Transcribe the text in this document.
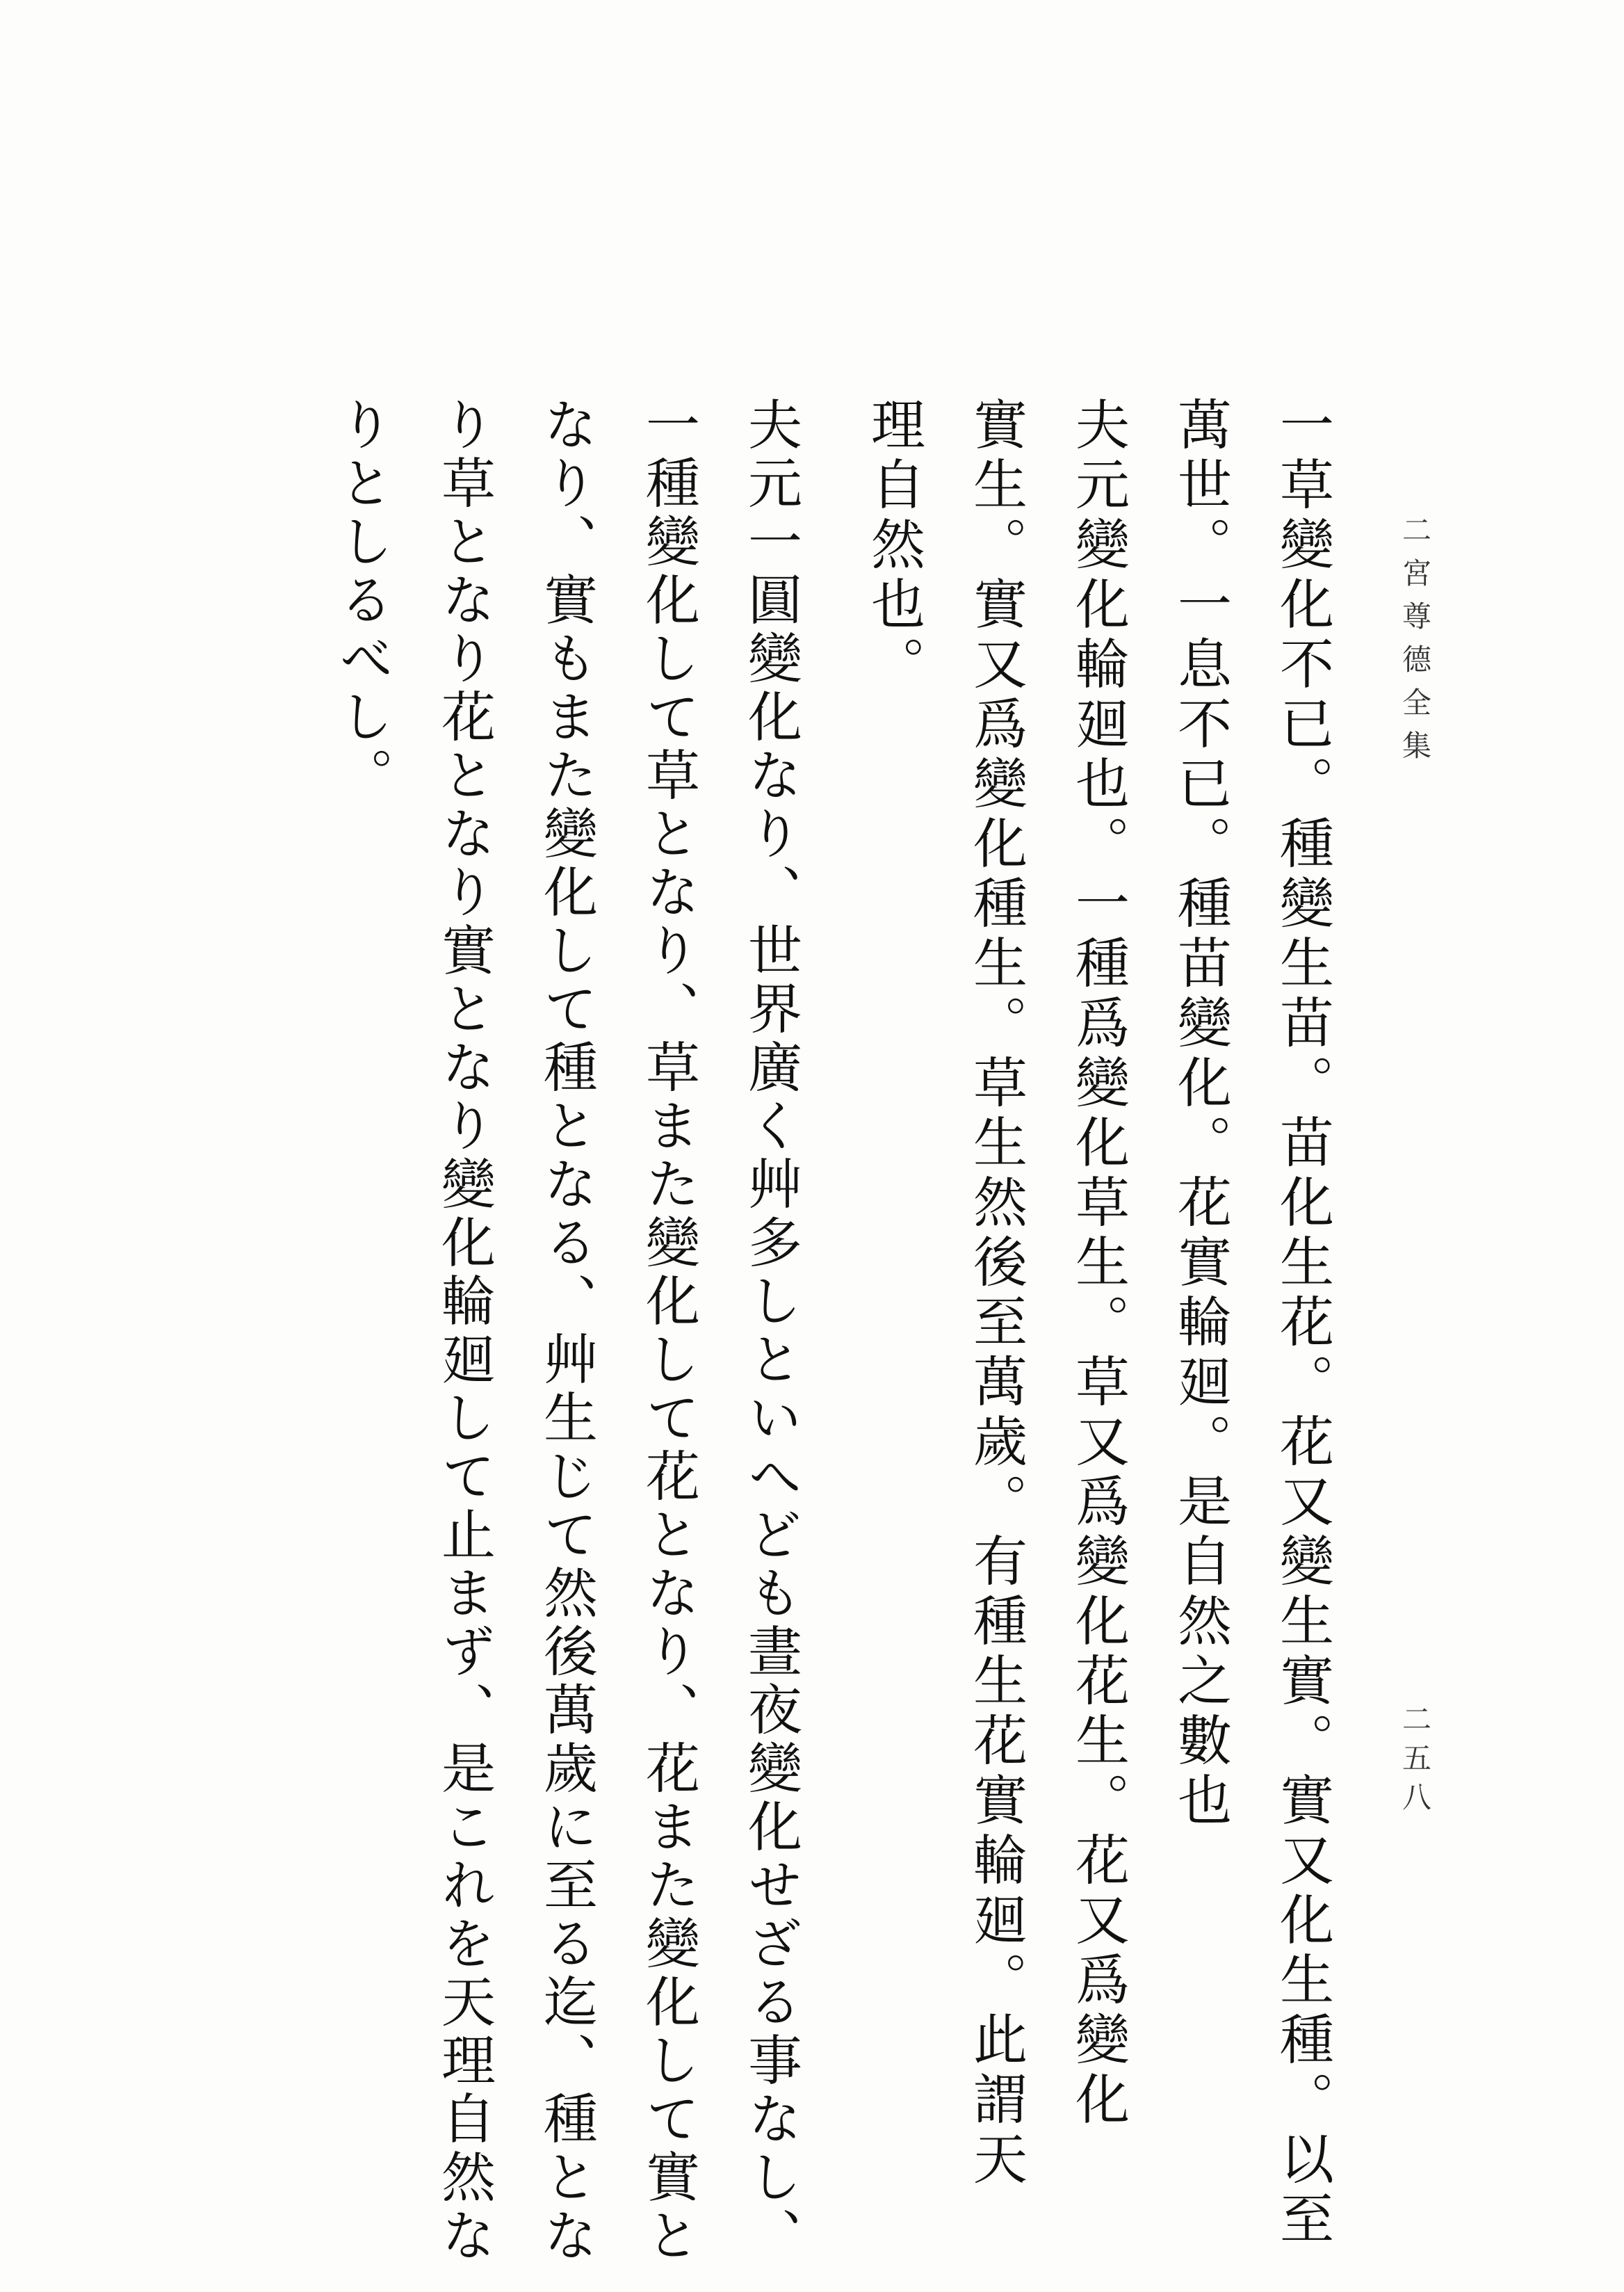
二宮尊德全集
二五八
一草變化不已。種變生苗。苗化生花。花又變生實。實又化生種。以至
萬世。一息不已。種苗變化。花實輪廻。是自然之數也
夫元變化輪廻也。一種爲變化草生。草又爲變化花生。花又爲變化
實生。實又爲變化種生。草生然後至萬歲。有種生花實輪廻。此謂天
理自然也。
夫元一圓變化なり、世界廣く艸多しといへども晝夜變化せざる事なし、
一種變化して草となり、草また變化して花となり、花また變化して實と
なり、實もまた變化して種となる、艸生じて然後萬歲に至る迄、種とな
り草となり花となり實となり變化輪廻して止まず、是これを天理自然な
りとしるべし。
